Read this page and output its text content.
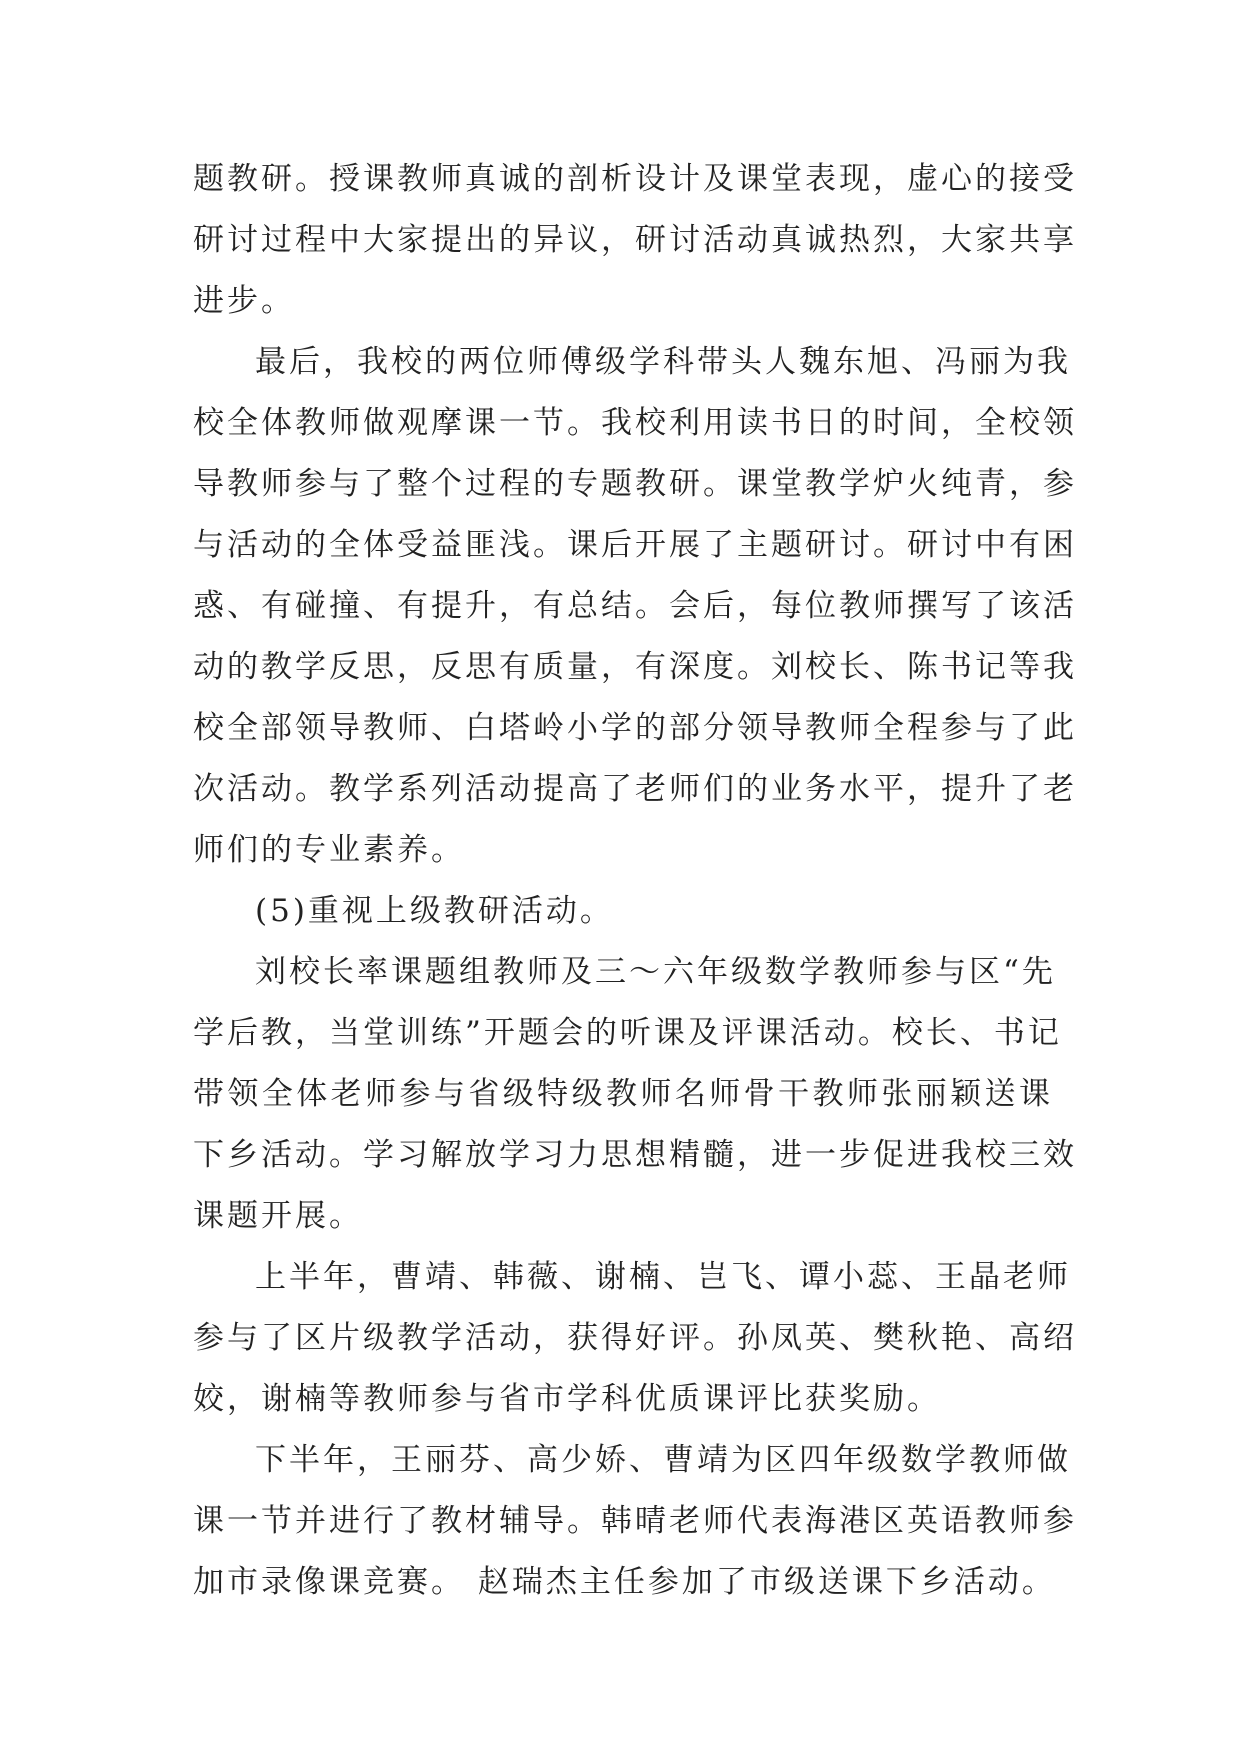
题教研。授课教师真诚的剖析设计及课堂表现，虚心的接受
研讨过程中大家提出的异议，研讨活动真诚热烈，大家共享
进步。
最后，我校的两位师傅级学科带头人魏东旭、冯丽为我
校全体教师做观摩课一节。我校利用读书日的时间，全校领
导教师参与了整个过程的专题教研。课堂教学炉火纯青，参
与活动的全体受益匪浅。课后开展了主题研讨。研讨中有困
惑、有碰撞、有提升，有总结。会后，每位教师撰写了该活
动的教学反思，反思有质量，有深度。刘校长、陈书记等我
校全部领导教师、白塔岭小学的部分领导教师全程参与了此
次活动。教学系列活动提高了老师们的业务水平，提升了老
师们的专业素养。
(5)重视上级教研活动。
刘校长率课题组教师及三～六年级数学教师参与区“先
学后教，当堂训练”开题会的听课及评课活动。校长、书记
带领全体老师参与省级特级教师名师骨干教师张丽颖送课
下乡活动。学习解放学习力思想精髓，进一步促进我校三效
课题开展。
上半年，曹靖、韩薇、谢楠、岂飞、谭小蕊、王晶老师
参与了区片级教学活动，获得好评。孙凤英、樊秋艳、高绍
姣，谢楠等教师参与省市学科优质课评比获奖励。
下半年，王丽芬、高少娇、曹靖为区四年级数学教师做
课一节并进行了教材辅导。韩晴老师代表海港区英语教师参
加市录像课竞赛。 赵瑞杰主任参加了市级送课下乡活动。
